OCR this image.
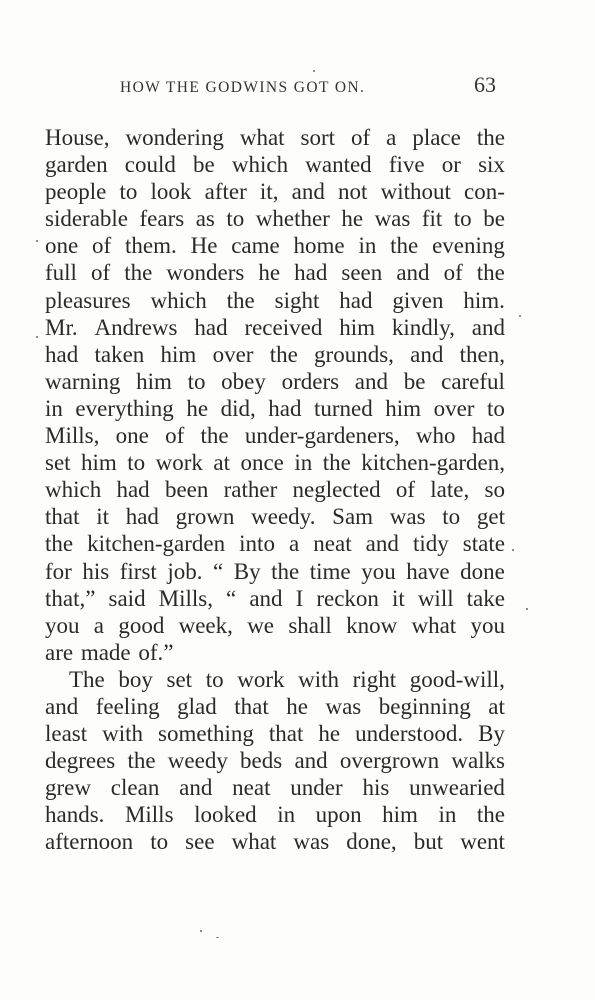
HOW THE GODWINS GOT ON.	63
House, wondering what sort of a place the
garden could be which wanted five or six
people to look after it, and not without con-
siderable fears as to whether he was fit to be
one of them. He came home in the evening
full of the wonders he had seen and of the
pleasures which the sight had given him.
Mr. Andrews had received him kindly, and
had taken him over the grounds, and then,
warning him to obey orders and be careful
in everything he did, had turned him over to
Mills, one of the under-gardeners, who had
set him to work at once in the kitchen-garden,
which had been rather neglected of late, so
that it had grown weedy. Sam was to get
the kitchen-garden into a neat and tidy state
for his first job. “ By the time you have done
that,” said Mills, “ and I reckon it will take
you a good week, we shall know what you
are made of.”
The boy set to work with right good-will,
and feeling glad that he was beginning at
least with something that he understood. By
degrees the weedy beds and overgrown walks
grew clean and neat under his unwearied
hands. Mills looked in upon him in the
afternoon to see what was done, but went
